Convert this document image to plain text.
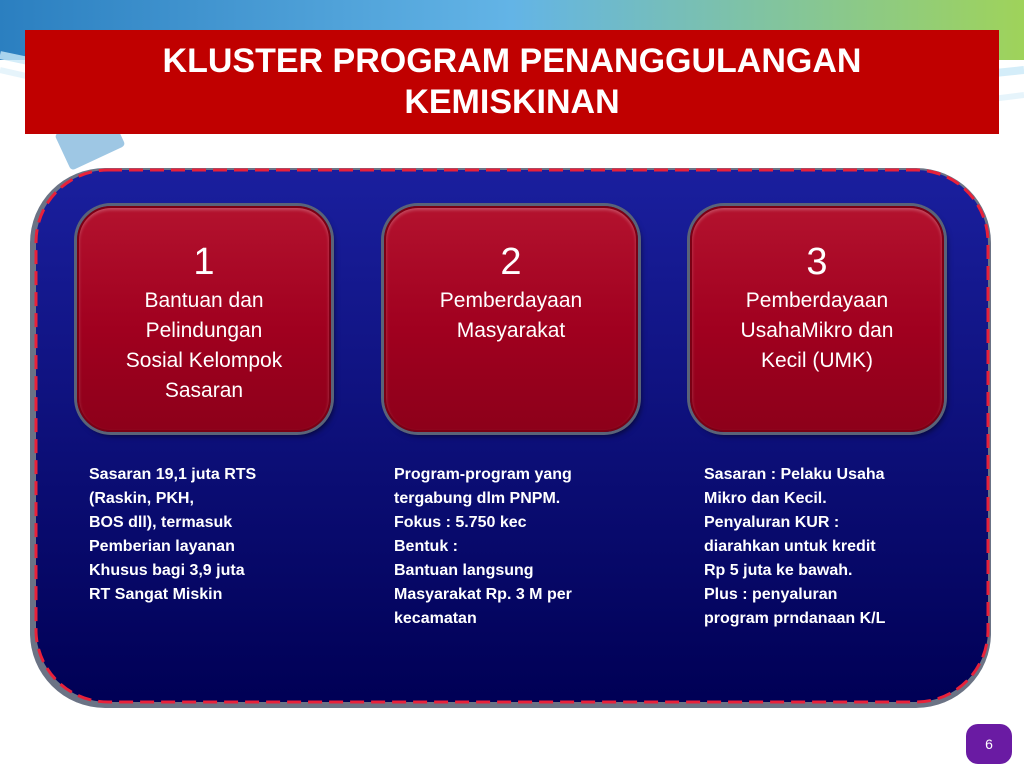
KLUSTER PROGRAM PENANGGULANGAN
KEMISKINAN
1
Bantuan dan
Pelindungan
Sosial Kelompok
Sasaran
2
Pemberdayaan
Masyarakat
3
Pemberdayaan
UsahaMikro dan
Kecil (UMK)
Sasaran 19,1 juta RTS
(Raskin, PKH,
BOS dll), termasuk
Pemberian layanan
Khusus bagi 3,9 juta
RT Sangat Miskin
Program-program yang
tergabung dlm PNPM.
Fokus : 5.750 kec
Bentuk :
Bantuan langsung
Masyarakat Rp. 3 M per
kecamatan
Sasaran : Pelaku Usaha
Mikro dan Kecil.
Penyaluran KUR :
diarahkan untuk kredit
Rp 5 juta ke bawah.
Plus : penyaluran
program prndanaan K/L
6
